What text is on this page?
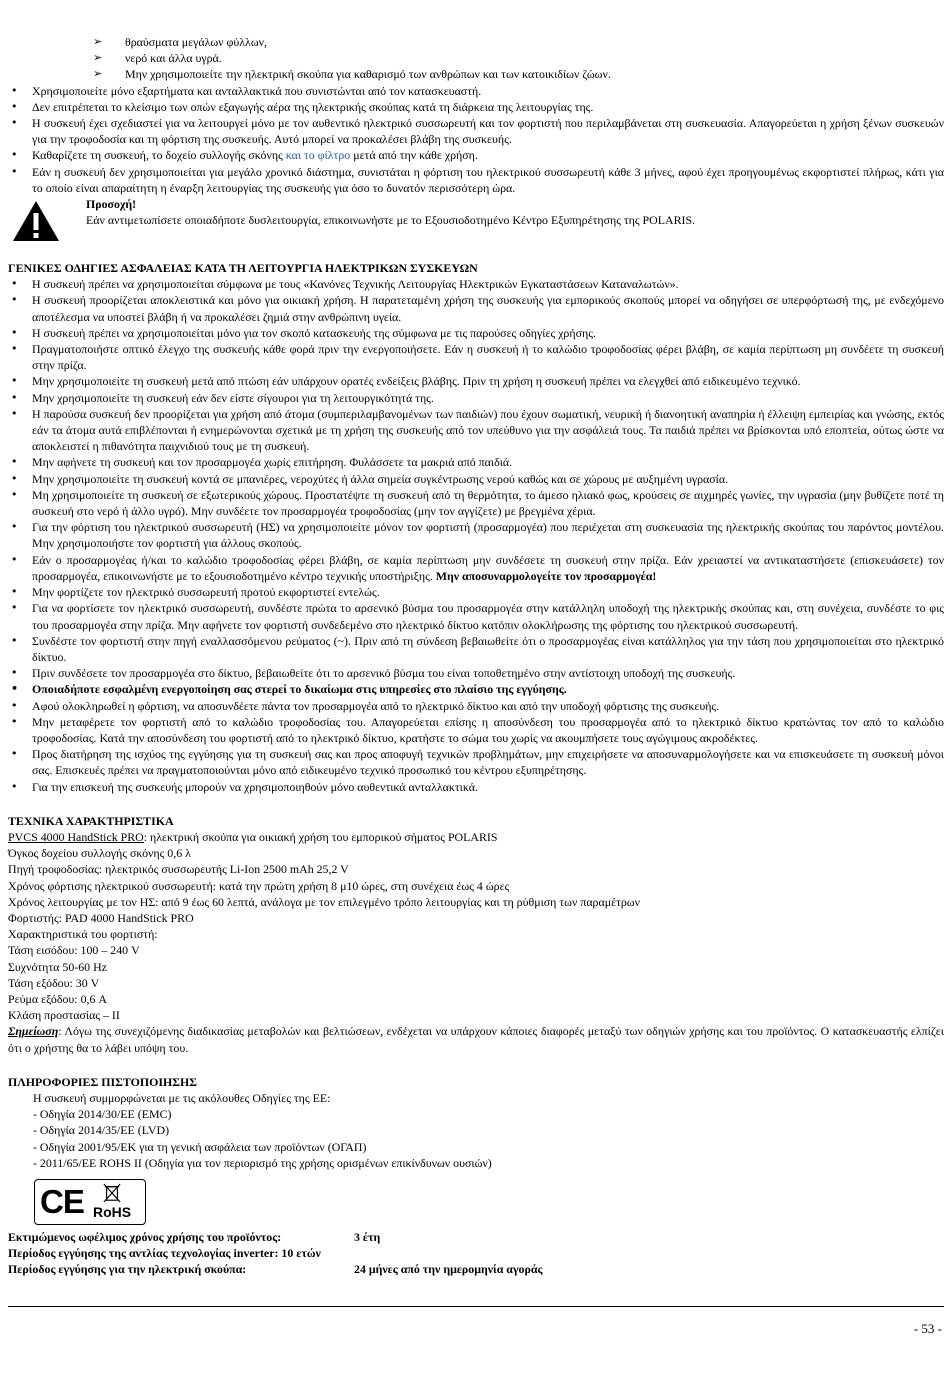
➢ θραύσματα μεγάλων φύλλων,
➢ νερό και άλλα υγρά.
➢ Μην χρησιμοποιείτε την ηλεκτρική σκούπα για καθαρισμό των ανθρώπων και των κατοικιδίων ζώων.
• Χρησιμοποιείτε μόνο εξαρτήματα και ανταλλακτικά που συνιστώνται από τον κατασκευαστή.
• Δεν επιτρέπεται το κλείσιμο των οπών εξαγωγής αέρα της ηλεκτρικής σκούπας κατά τη διάρκεια της λειτουργίας της.
• Η συσκευή έχει σχεδιαστεί για να λειτουργεί μόνο με τον αυθεντικό ηλεκτρικό συσσωρευτή και τον φορτιστή που περιλαμβάνεται στη συσκευασία. Απαγορεύεται η χρήση ξένων συσκευών για την τροφοδοσία και τη φόρτιση της συσκευής. Αυτό μπορεί να προκαλέσει βλάβη της συσκευής.
• Καθαρίζετε τη συσκευή, το δοχείο συλλογής σκόνης και το φίλτρο μετά από την κάθε χρήση.
• Εάν η συσκευή δεν χρησιμοποιείται για μεγάλο χρονικό διάστημα, συνιστάται η φόρτιση του ηλεκτρικού συσσωρευτή κάθε 3 μήνες, αφού έχει προηγουμένως εκφορτιστεί πλήρως, κάτι για το οποίο είναι απαραίτητη η έναρξη λειτουργίας της συσκευής για όσο το δυνατόν περισσότερη ώρα.
Προσοχή!
Εάν αντιμετωπίσετε οποιαδήποτε δυσλειτουργία, επικοινωνήστε με το Εξουσιοδοτημένο Κέντρο Εξυπηρέτησης της POLARIS.
ΓΕΝΙΚΕΣ ΟΔΗΓΙΕΣ ΑΣΦΑΛΕΙΑΣ ΚΑΤΑ ΤΗ ΛΕΙΤΟΥΡΓΙΑ ΗΛΕΚΤΡΙΚΩΝ ΣΥΣΚΕΥΩΝ
• Η συσκευή πρέπει να χρησιμοποιείται σύμφωνα με τους «Κανόνες Τεχνικής Λειτουργίας Ηλεκτρικών Εγκαταστάσεων Καταναλωτών».
• Η συσκευή προορίζεται αποκλειστικά και μόνο για οικιακή χρήση. Η παρατεταμένη χρήση της συσκευής για εμπορικούς σκοπούς μπορεί να οδηγήσει σε υπερφόρτωσή της, με ενδεχόμενο αποτέλεσμα να υποστεί βλάβη ή να προκαλέσει ζημιά στην ανθρώπινη υγεία.
• Η συσκευή πρέπει να χρησιμοποιείται μόνο για τον σκοπό κατασκευής της σύμφωνα με τις παρούσες οδηγίες χρήσης.
• Πραγματοποιήστε οπτικό έλεγχο της συσκευής κάθε φορά πριν την ενεργοποιήσετε. Εάν η συσκευή ή το καλώδιο τροφοδοσίας φέρει βλάβη, σε καμία περίπτωση μη συνδέετε τη συσκευή στην πρίζα.
• Μην χρησιμοποιείτε τη συσκευή μετά από πτώση εάν υπάρχουν ορατές ενδείξεις βλάβης. Πριν τη χρήση η συσκευή πρέπει να ελεγχθεί από ειδικευμένο τεχνικό.
• Μην χρησιμοποιείτε τη συσκευή εάν δεν είστε σίγουροι για τη λειτουργικότητά της.
• Η παρούσα συσκευή δεν προορίζεται για χρήση από άτομα (συμπεριλαμβανομένων των παιδιών) που έχουν σωματική, νευρική ή διανοητική αναπηρία ή έλλειψη εμπειρίας και γνώσης, εκτός εάν τα άτομα αυτά επιβλέπονται ή ενημερώνονται σχετικά με τη χρήση της συσκευής από τον υπεύθυνο για την ασφάλειά τους. Τα παιδιά πρέπει να βρίσκονται υπό εποπτεία, ούτως ώστε να αποκλειστεί η πιθανότητα παιχνιδιού τους με τη συσκευή.
• Μην αφήνετε τη συσκευή και τον προσαρμογέα χωρίς επιτήρηση. Φυλάσσετε τα μακριά από παιδιά.
• Μην χρησιμοποιείτε τη συσκευή κοντά σε μπανιέρες, νεροχύτες ή άλλα σημεία συγκέντρωσης νερού καθώς και σε χώρους με αυξημένη υγρασία.
• Μη χρησιμοποιείτε τη συσκευή σε εξωτερικούς χώρους. Προστατέψτε τη συσκευή από τη θερμότητα, το άμεσο ηλιακό φως, κρούσεις σε αιχμηρές γωνίες, την υγρασία (μην βυθίζετε ποτέ τη συσκευή στο νερό ή άλλο υγρό). Μην συνδέετε τον προσαρμογέα τροφοδοσίας (μην τον αγγίζετε) με βρεγμένα χέρια.
• Για την φόρτιση του ηλεκτρικού συσσωρευτή (ΗΣ) να χρησιμοποιείτε μόνον τον φορτιστή (προσαρμογέα) που περιέχεται στη συσκευασία της ηλεκτρικής σκούπας του παρόντος μοντέλου. Μην χρησιμοποιήστε τον φορτιστή για άλλους σκοπούς.
• Εάν ο προσαρμογέας ή/και το καλώδιο τροφοδοσίας φέρει βλάβη, σε καμία περίπτωση μην συνδέσετε τη συσκευή στην πρίζα. Εάν χρειαστεί να αντικαταστήσετε (επισκευάσετε) τον προσαρμογέα, επικοινωνήστε με το εξουσιοδοτημένο κέντρο τεχνικής υποστήριξης. Μην αποσυναρμολογείτε τον προσαρμογέα!
• Μην φορτίζετε τον ηλεκτρικό συσσωρευτή προτού εκφορτιστεί εντελώς.
• Για να φορτίσετε τον ηλεκτρικό συσσωρευτή, συνδέστε πρώτα το αρσενικό βύσμα του προσαρμογέα στην κατάλληλη υποδοχή της ηλεκτρικής σκούπας και, στη συνέχεια, συνδέστε το φις του προσαρμογέα στην πρίζα. Μην αφήνετε τον φορτιστή συνδεδεμένο στο ηλεκτρικό δίκτυο κατόπιν ολοκλήρωσης της φόρτισης του ηλεκτρικού συσσωρευτή.
• Συνδέστε τον φορτιστή στην πηγή εναλλασσόμενου ρεύματος (~). Πριν από τη σύνδεση βεβαιωθείτε ότι ο προσαρμογέας είναι κατάλληλος για την τάση που χρησιμοποιείται στο ηλεκτρικό δίκτυο.
• Πριν συνδέσετε τον προσαρμογέα στο δίκτυο, βεβαιωθείτε ότι το αρσενικό βύσμα του είναι τοποθετημένο στην αντίστοιχη υποδοχή της συσκευής.
• Οποιαδήποτε εσφαλμένη ενεργοποίηση σας στερεί το δικαίωμα στις υπηρεσίες στο πλαίσιο της εγγύησης.
• Αφού ολοκληρωθεί η φόρτιση, να αποσυνδέετε πάντα τον προσαρμογέα από το ηλεκτρικό δίκτυο και από την υποδοχή φόρτισης της συσκευής.
• Μην μεταφέρετε τον φορτιστή από το καλώδιο τροφοδοσίας του. Απαγορεύεται επίσης η αποσύνδεση του προσαρμογέα από το ηλεκτρικό δίκτυο κρατώντας τον από το καλώδιο τροφοδοσίας. Κατά την αποσύνδεση του φορτιστή από το ηλεκτρικό δίκτυο, κρατήστε το σώμα του χωρίς να ακουμπήσετε τους αγώγιμους ακροδέκτες.
• Προς διατήρηση της ισχύος της εγγύησης για τη συσκευή σας και προς αποφυγή τεχνικών προβλημάτων, μην επιχειρήσετε να αποσυναρμολογήσετε και να επισκευάσετε τη συσκευή μόνοι σας. Επισκευές πρέπει να πραγματοποιούνται μόνο από ειδικευμένο τεχνικό προσωπικό του κέντρου εξυπηρέτησης.
• Για την επισκευή της συσκευής μπορούν να χρησιμοποιηθούν μόνο αυθεντικά ανταλλακτικά.
ΤΕΧΝΙΚΑ ΧΑΡΑΚΤΗΡΙΣΤΙΚΑ

PVCS 4000 HandStick PRO: ηλεκτρική σκούπα για οικιακή χρήση του εμπορικού σήματος POLARIS

Όγκος δοχείου συλλογής σκόνης 0,6 λ

Πηγή τροφοδοσίας: ηλεκτρικός συσσωρευτής Li-Ion 2500 mAh 25,2 V

Χρόνος φόρτισης ηλεκτρικού συσσωρευτή: κατά την πρώτη χρήση 8 μ10 ώρες, στη συνέχεια έως 4 ώρες

Χρόνος λειτουργίας με τον ΗΣ: από 9 έως 60 λεπτά, ανάλογα με τον επιλεγμένο τρόπο λειτουργίας και τη ρύθμιση των παραμέτρων

Φορτιστής: PAD 4000 HandStick PRO

Χαρακτηριστικά του φορτιστή:

Τάση εισόδου: 100 – 240 V

Συχνότητα 50-60 Hz

Τάση εξόδου: 30 V

Ρεύμα εξόδου: 0,6 A

Κλάση προστασίας – II

Σημείωση: Λόγω της συνεχιζόμενης διαδικασίας μεταβολών και βελτιώσεων, ενδέχεται να υπάρχουν κάποιες διαφορές μεταξύ των οδηγιών χρήσης και του προϊόντος. Ο κατασκευαστής ελπίζει ότι ο χρήστης θα το λάβει υπόψη του.

ΠΛΗΡΟΦΟΡΙΕΣ ΠΙΣΤΟΠΟΙΗΣΗΣ

Η συσκευή συμμορφώνεται με τις ακόλουθες Οδηγίες της ΕΕ:

- Οδηγία 2014/30/ΕΕ (EMC)

- Οδηγία 2014/35/ΕΕ (LVD)

- Οδηγία 2001/95/ΕΚ για τη γενική ασφάλεια των προϊόντων (ΟΓΑΠ)

- 2011/65/ΕΕ ROHS II (Οδηγία για τον περιορισμό της χρήσης ορισμένων επικίνδυνων ουσιών)

CE RoHS
Εκτιμώμενος ωφέλιμος χρόνος χρήσης του προϊόντος:	3 έτη
Περίοδος εγγύησης της αντλίας τεχνολογίας inverter: 10 ετών	
Περίοδος εγγύησης για την ηλεκτρική σκούπα:	24 μήνες από την ημερομηνία αγοράς
- 53 -
